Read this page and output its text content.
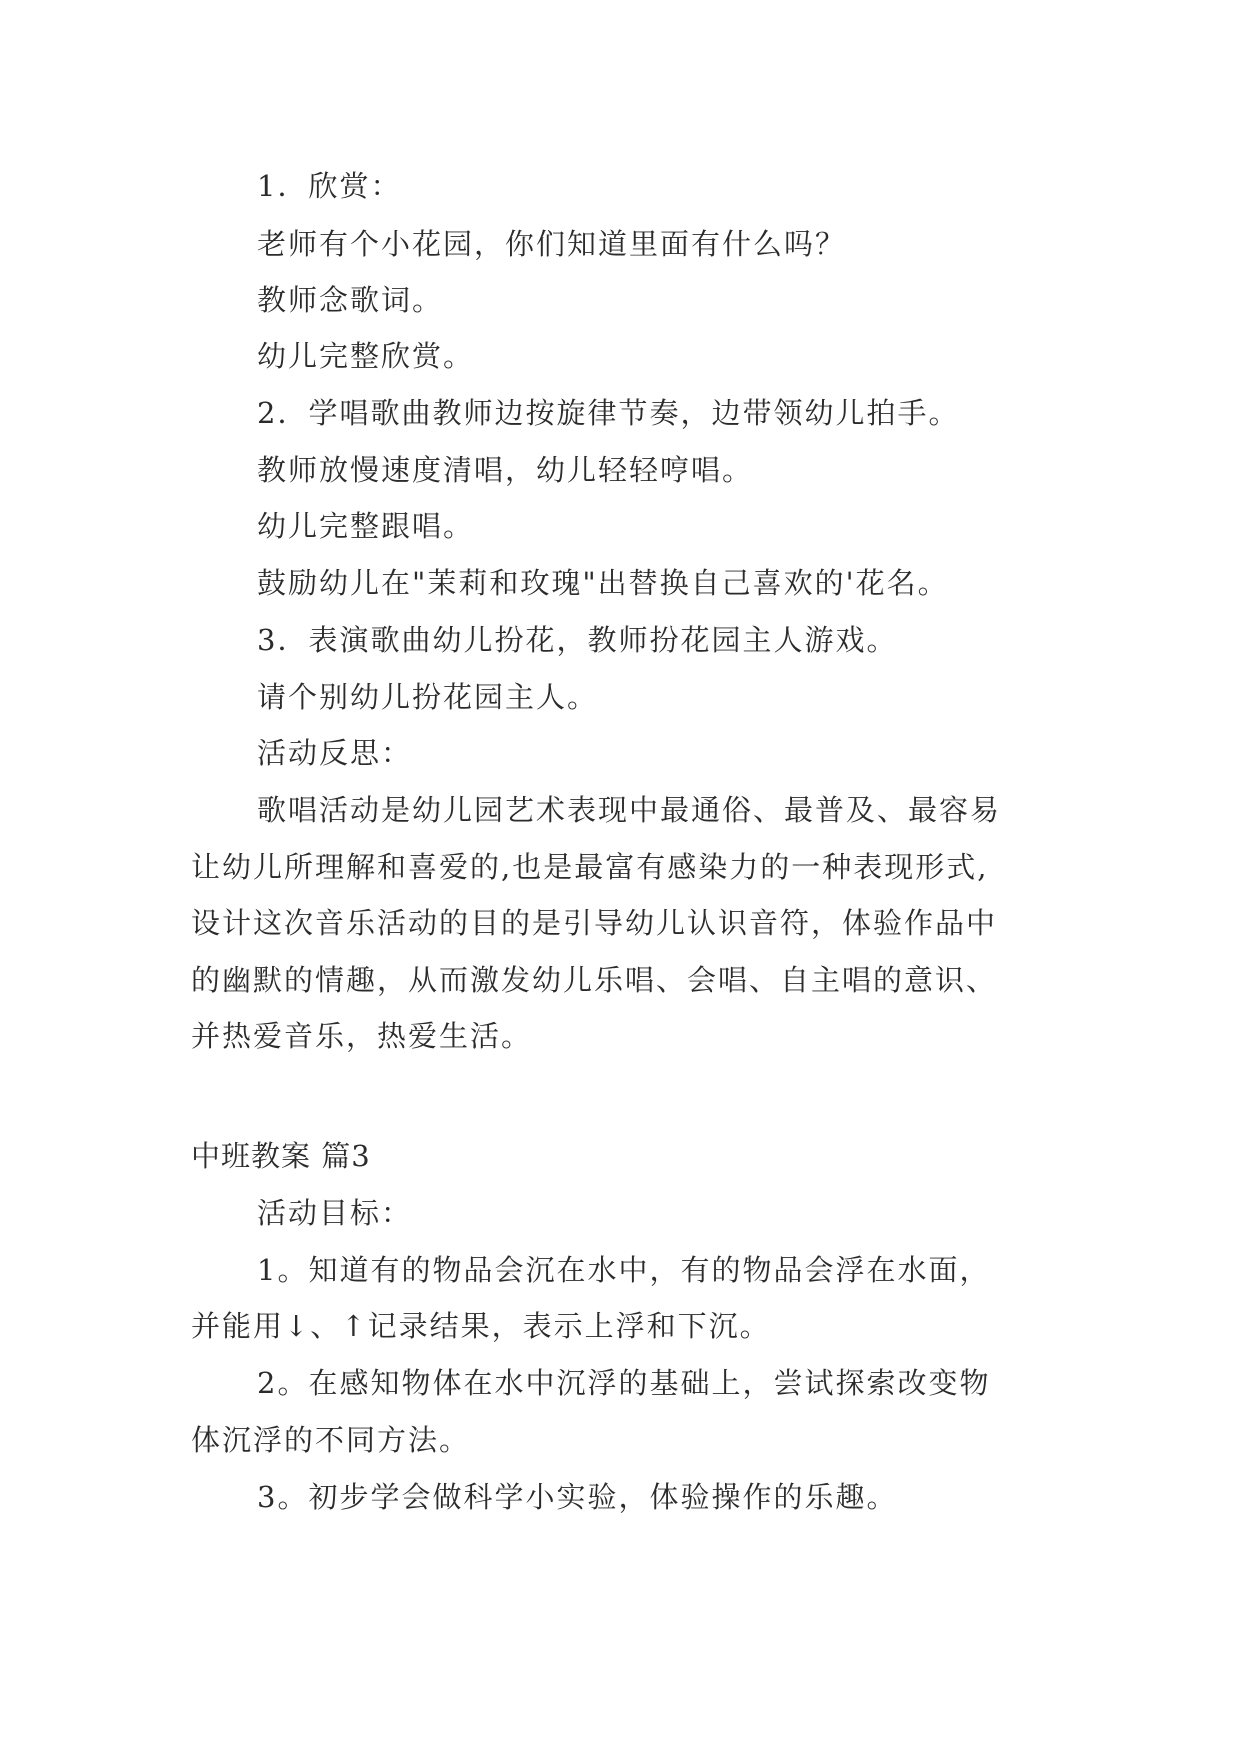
1．欣赏：
老师有个小花园，你们知道里面有什么吗？
教师念歌词。
幼儿完整欣赏。
2．学唱歌曲教师边按旋律节奏，边带领幼儿拍手。
教师放慢速度清唱，幼儿轻轻哼唱。
幼儿完整跟唱。
鼓励幼儿在"茉莉和玫瑰"出替换自己喜欢的'花名。
3．表演歌曲幼儿扮花，教师扮花园主人游戏。
请个别幼儿扮花园主人。
活动反思：
歌唱活动是幼儿园艺术表现中最通俗、最普及、最容易
让幼儿所理解和喜爱的,也是最富有感染力的一种表现形式,
设计这次音乐活动的目的是引导幼儿认识音符，体验作品中
的幽默的情趣，从而激发幼儿乐唱、会唱、自主唱的意识、
并热爱音乐，热爱生活。
中班教案 篇3
活动目标：
1。知道有的物品会沉在水中，有的物品会浮在水面，
并能用↓、↑记录结果，表示上浮和下沉。
2。在感知物体在水中沉浮的基础上，尝试探索改变物
体沉浮的不同方法。
3。初步学会做科学小实验，体验操作的乐趣。
